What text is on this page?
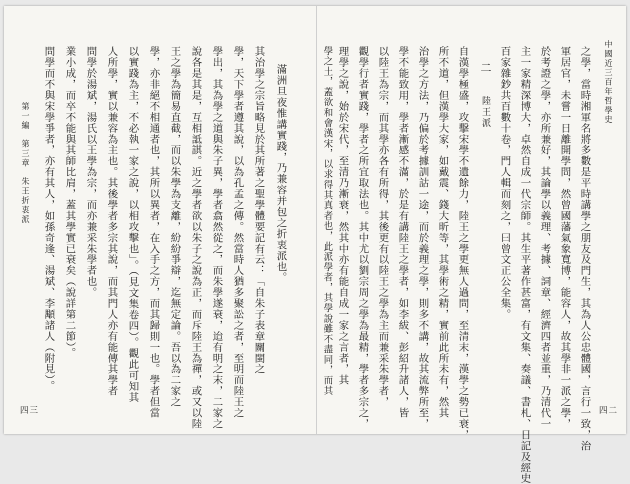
第一編　第三章　朱王折衷派
四三
滿洲旦夜惟講實踐，乃兼容并包之折衷派也。
其治學之宗旨略見於其所著之聖學體要記有云：「自朱子表章關閩之
學，天下學者遵其說，以為孔孟之傳。然當時人猶多聚訟之者，至明而陸王之
學出，其為學之道與朱子異，學者翕然從之，而朱學遂衰，迨有明之末，二家之
說各是其是，互相詆諆。近之學者欲以朱子之說為正，而斥陸王為禪，或又以陸
王之學為簡易直截，而以朱學為支離，紛紛爭辯，迄無定論。吾以為二家之
學，亦非絕不相通者也，其所以異者，在入手之方，而其歸則一也。學者但當
以實踐為主，不必執一家之說，以相攻擊也」。（見文集卷四）。觀此可知其
人所學，實以兼容為主也。其後學者多宗其說，而其門人亦有能傳其學者
問學於湯斌，湯氏以王學為宗，而亦兼采朱學者也。
業小成，而卒不能與其師比肩，蓋其學實已衰矣（說詳第二節）。
問學而不與宋學爭者，亦有其人，如孫奇逢、湯斌、李顒諸人（附見）。	中國近三百年哲學史
四二
之學，當時湘軍名將多數是平時講學之朋友及門生，其為人公忠體國，言行一致，治
軍居官，未嘗一日離開學問，然曾國藩氣象寬博，能容人，故其學非一派之學，
於考證之學，亦所兼好，其論學以義理、考據、詞章、經濟四者並重，乃清代一
主一家精深博大，卓然自成一代宗師。其生平著作甚富，有文集、奏議、書札、日記及經史
百家雜鈔共百數十卷，門人輯而刻之，曰曾文正公全集。
二
陸王派
自漢學極盛，攻擊宋學不遺餘力，陸王之學更無人過問，至清末，漢學之勢已衰，
所不道，但漢學大家，如戴震、錢大昕等，其學術之精，實前此所未有，然其
治學之方法，乃偏於考據訓詁一途，而於義理之學，則多不講，故其流弊所至，
學不能致用，學者漸感不滿，於是有講陸王之學者，如李紱、彭紹升諸人，皆
以陸王為宗，而其學亦各有所得，其後更有以陸王之學為主而兼采朱學者，
觀學行者實踐，學者之所宜取法也。其中尤以劉宗周之學為最精，學者多宗之，
理學之說，始於宋代，至清乃漸衰，然其中亦有能自成一家之言者，其
學之土，蓋欲和會漢宋，以求得其真者也，此派學者，其學說雖不盡同，而其
